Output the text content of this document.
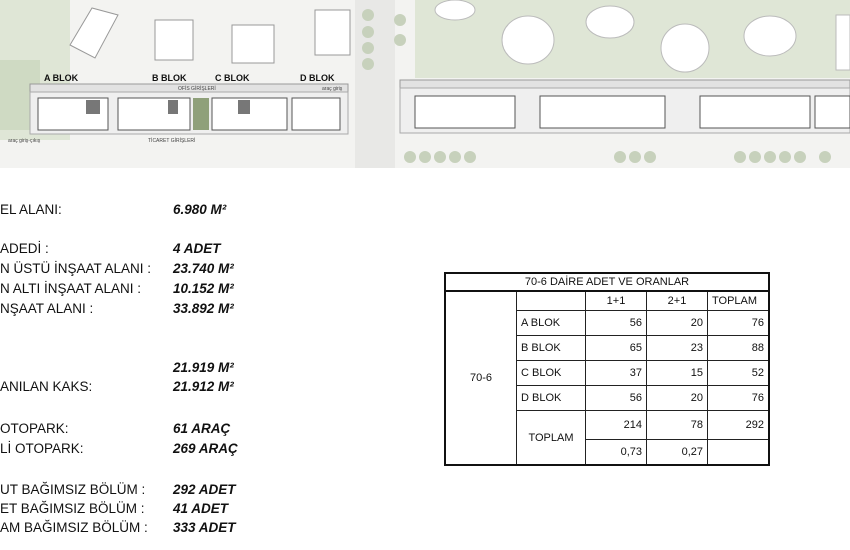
A BLOK	B BLOK	C BLOK	D BLOK
OFİS GİRİŞLERİ
TİCARET GİRİŞLERİ
araç giriş-çıkış
araç giriş
EL ALANI:	6.980 M²
ADEDİ :	4 ADET
N ÜSTÜ İNŞAAT ALANI : 23.740 M²
N ALTI İNŞAAT ALANI : 10.152 M²
NŞAAT ALANI :	33.892 M²
21.919 M²
ANILAN KAKS:	21.912 M²
OTOPARK:	61 ARAÇ
Lİ OTOPARK:	269 ARAÇ
UT BAĞIMSIZ BÖLÜM : 292 ADET
ET BAĞIMSIZ BÖLÜM : 41 ADET
AM BAĞIMSIZ BÖLÜM : 333 ADET
70-6 DAİRE ADET VE ORANLAR				
70-6		1+1	2+1	TOPLAM
	A BLOK	56	20	76
	B BLOK	65	23	88
	C BLOK	37	15	52
	D BLOK	56	20	76
	TOPLAM	214	78	292
		0,73	0,27	
